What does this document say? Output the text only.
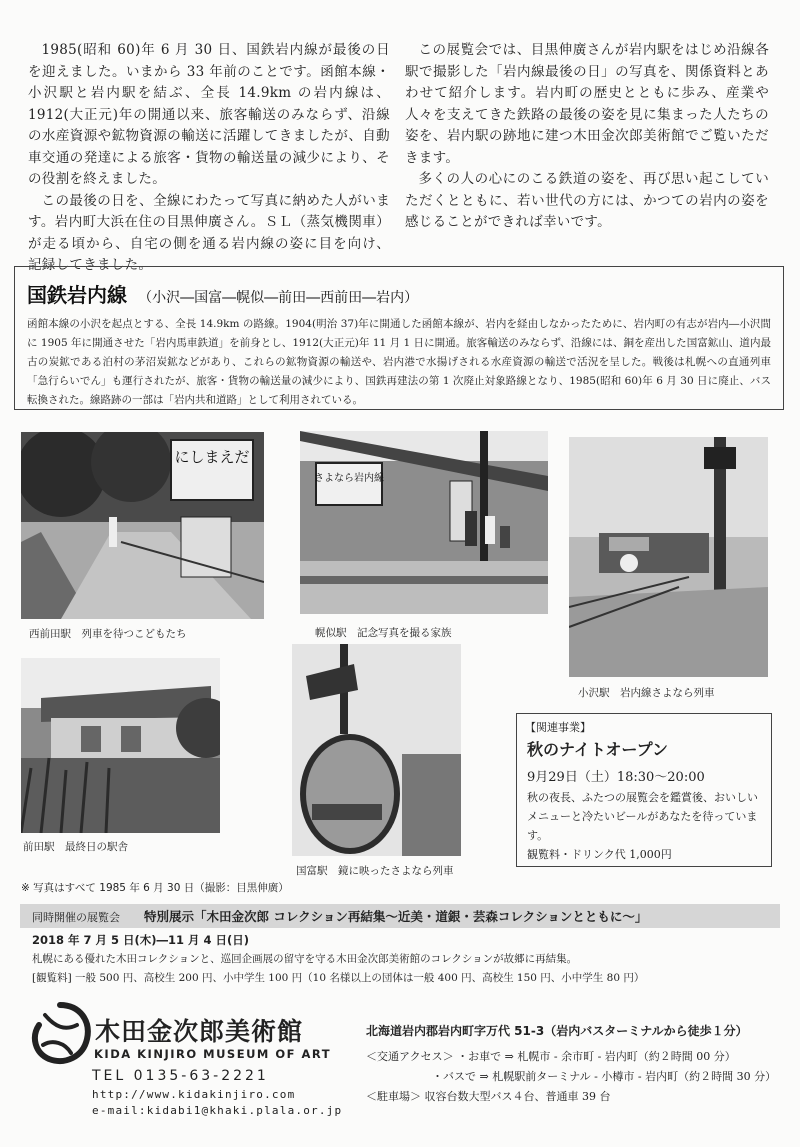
1985(昭和 60)年 6 月 30 日、国鉄岩内線が最後の日を迎えました。いまから 33 年前のことです。函館本線・小沢駅と岩内駅を結ぶ、全長 14.9km の岩内線は、1912(大正元)年の開通以来、旅客輸送のみならず、沿線の水産資源や鉱物資源の輸送に活躍してきましたが、自動車交通の発達による旅客・貨物の輸送量の減少により、その役割を終えました。

この最後の日を、全線にわたって写真に納めた人がいます。岩内町大浜在住の目黒伸廣さん。ＳＬ（蒸気機関車）が走る頃から、自宅の側を通る岩内線の姿に目を向け、 記録してきました。

この展覧会では、目黒伸廣さんが岩内駅をはじめ沿線各駅で撮影した「岩内線最後の日」の写真を、関係資料とあわせて紹介します。岩内町の歴史とともに歩み、産業や人々を支えてきた鉄路の最後の姿を見に集まった人たちの姿を、岩内駅の跡地に建つ木田金次郎美術館でご覧いただきます。

多くの人の心にのこる鉄道の姿を、再び思い起こしていただくとともに、若い世代の方には、かつての岩内の姿を感じることができれば幸いです。

国鉄岩内線 （小沢―国富―幌似―前田―西前田―岩内）
函館本線の小沢を起点とする、全長 14.9km の路線。1904(明治 37)年に開通した函館本線が、岩内を経由しなかったために、岩内町の有志が岩内―小沢間に 1905 年に開通させた「岩内馬車鉄道」を前身とし、1912(大正元)年 11 月 1 日に開通。旅客輸送のみならず、沿線には、銅を産出した国富鉱山、道内最古の炭鉱である泊村の茅沼炭鉱などがあり、これらの鉱物資源の輸送や、岩内港で水揚げされる水産資源の輸送で活況を呈した。戦後は札幌への直通列車「急行らいでん」も運行されたが、旅客・貨物の輸送量の減少により、国鉄再建法の第 1 次廃止対象路線となり、1985(昭和 60)年 6 月 30 日に廃止、バス転換された。線路跡の一部は「岩内共和道路」として利用されている。
にしまえだ
西前田駅　列車を待つこどもたち
さよなら岩内線
幌似駅　記念写真を撮る家族
小沢駅　岩内線さよなら列車
前田駅　最終日の駅舎
国富駅　鏡に映ったさよなら列車
【関連事業】
秋のナイトオープン
9月29日（土）18:30～20:00
秋の夜長、ふたつの展覧会を鑑賞後、おいしいメニューと冷たいビールがあなたを待っています。
観覧料・ドリンク代 1,000円
※ 写真はすべて 1985 年 6 月 30 日（撮影：目黒伸廣）
同時開催の展覧会 特別展示「木田金次郎 コレクション再結集～近美・道銀・芸森コレクションとともに～」
2018 年 7 月 5 日(木)―11 月 4 日(日)
札幌にある優れた木田コレクションと、巡回企画展の留守を守る木田金次郎美術館のコレクションが故郷に再結集。
[観覧料] 一般 500 円、高校生 200 円、小中学生 100 円（10 名様以上の団体は一般 400 円、高校生 150 円、小中学生 80 円）
木田金次郎美術館
KIDA KINJIRO MUSEUM OF ART
TEL 0135-63-2221
http://www.kidakinjiro.com
e-mail:kidabi1@khaki.plala.or.jp
北海道岩内郡岩内町字万代 51-3（岩内バスターミナルから徒歩１分）
＜交通アクセス＞ ・お車で ⇒ 札幌市 - 余市町 - 岩内町（約２時間 00 分）
・バスで ⇒ 札幌駅前ターミナル - 小樽市 - 岩内町（約２時間 30 分）
＜駐車場＞ 収容台数大型バス４台、普通車 39 台
